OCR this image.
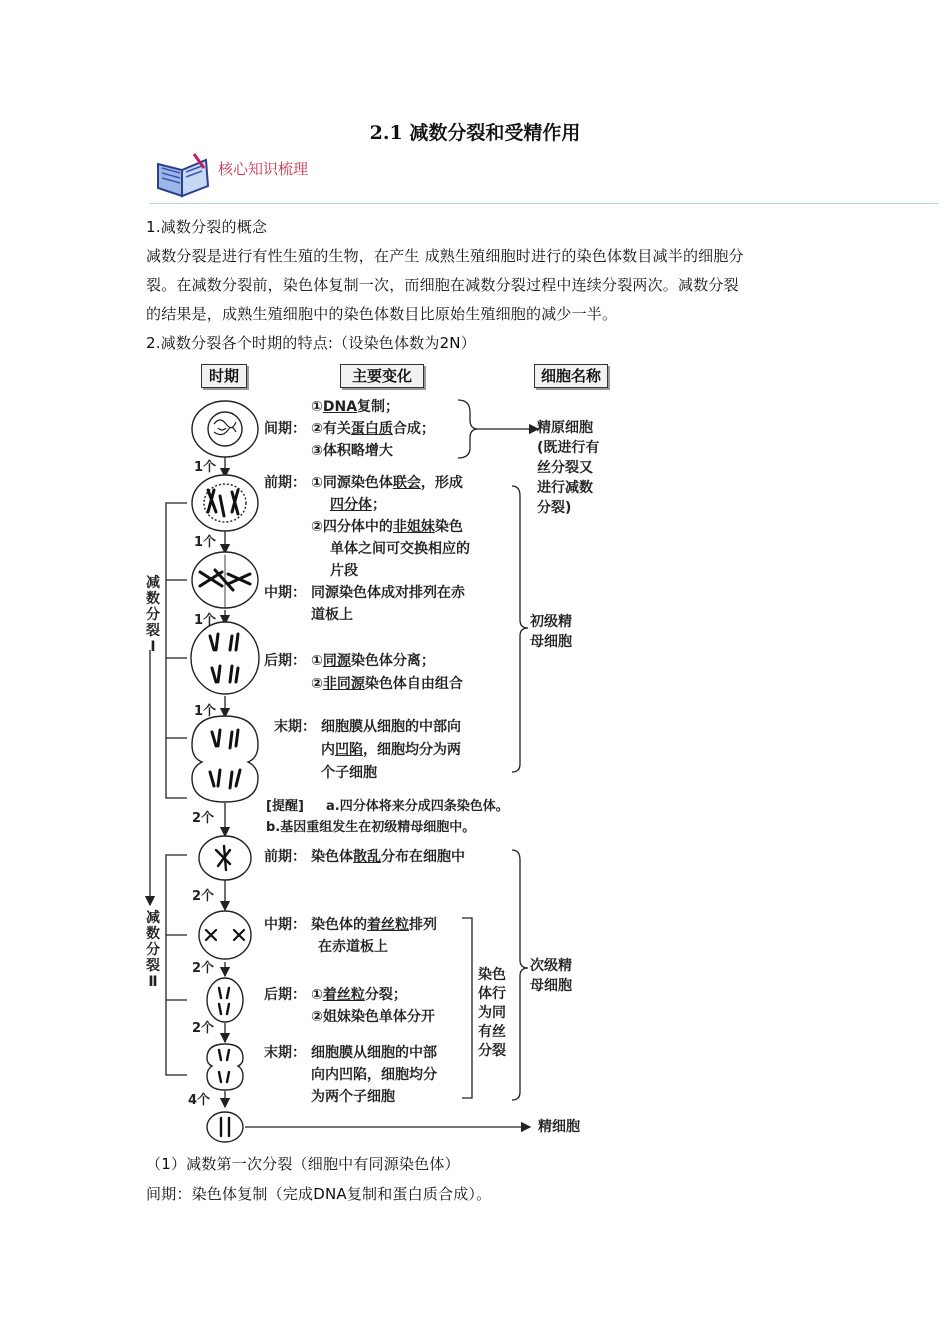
2.1 减数分裂和受精作用
核心知识梳理
1.减数分裂的概念
减数分裂是进行有性生殖的生物，在产生 成熟生殖细胞时进行的染色体数目减半的细胞分
裂。在减数分裂前，染色体复制一次，而细胞在减数分裂过程中连续分裂两次。减数分裂
的结果是，成熟生殖细胞中的染色体数目比原始生殖细胞的减少一半。
2.减数分裂各个时期的特点:（设染色体数为2N）
时期	主要变化	细胞名称
1个
1个
1个
1个
2个
2个
2个
2个
4个
减
数
分
裂
Ⅰ
减
数
分
裂
Ⅱ
间期：
①DNA复制；
②有关蛋白质合成；
③体积略增大
前期： ①同源染色体联会，形成
四分体；
②四分体中的非姐妹染色
单体之间可交换相应的
片段
中期： 同源染色体成对排列在赤
道板上
后期： ①同源染色体分离；
②非同源染色体自由组合
末期： 细胞膜从细胞的中部向
内凹陷，细胞均分为两
个子细胞
[提醒] a.四分体将来分成四条染色体。
b.基因重组发生在初级精母细胞中。
前期： 染色体散乱分布在细胞中
中期： 染色体的着丝粒排列
在赤道板上
后期： ①着丝粒分裂；
②姐妹染色单体分开
末期： 细胞膜从细胞的中部
向内凹陷，细胞均分
为两个子细胞
染色
体行
为同
有丝
分裂
精原细胞
(既进行有
丝分裂又
进行减数
分裂)
初级精
母细胞
次级精
母细胞
精细胞
（1）减数第一次分裂（细胞中有同源染色体）
间期：染色体复制（完成DNA复制和蛋白质合成）。
